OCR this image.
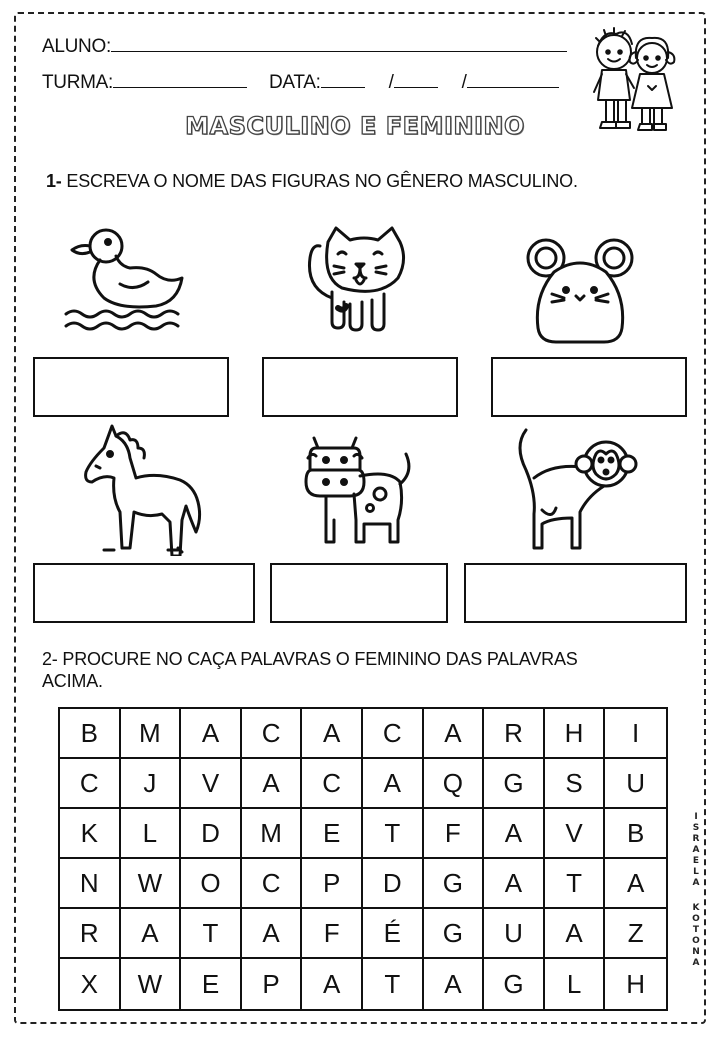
ALUNO:
TURMA:	DATA:	/	/
MASCULINO E FEMININO
1- ESCREVA O NOME DAS FIGURAS NO GÊNERO MASCULINO.
2- PROCURE NO CAÇA PALAVRAS O FEMININO DAS PALAVRAS
ACIMA.
B	M	A	C	A	C	A	R	H	I
C	J	V	A	C	A	Q	G	S	U
K	L	D	M	E	T	F	A	V	B
N	W	O	C	P	D	G	A	T	A
R	A	T	A	F	É	G	U	A	Z
X	W	E	P	A	T	A	G	L	H
I
S
R
A
E
L
A
K
O
T
O
N
A
